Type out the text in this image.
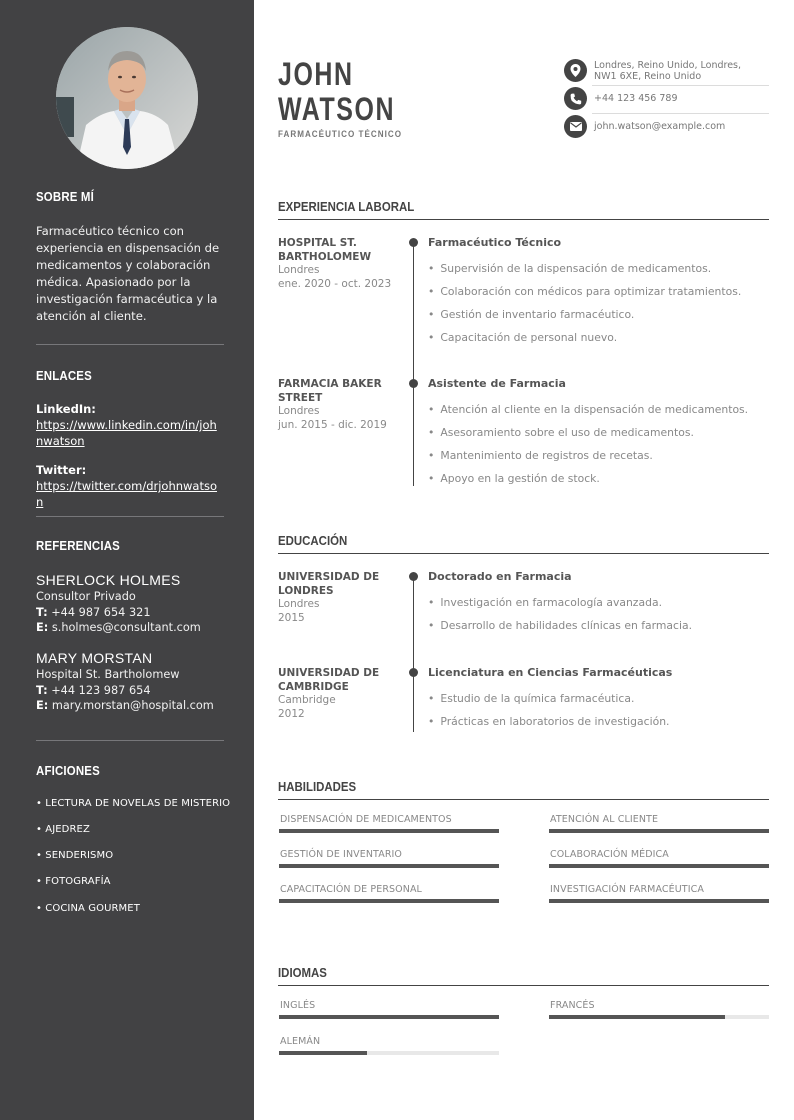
SOBRE MÍ
Farmacéutico técnico con experiencia en dispensación de medicamentos y colaboración médica. Apasionado por la investigación farmacéutica y la atención al cliente.
ENLACES
LinkedIn:
https://www.linkedin.com/in/johnwatson
Twitter:
https://twitter.com/drjohnwatson
REFERENCIAS
SHERLOCK HOLMES
Consultor Privado
T: +44 987 654 321
E: s.holmes@consultant.com
MARY MORSTAN
Hospital St. Bartholomew
T: +44 123 987 654
E: mary.morstan@hospital.com
AFICIONES
• LECTURA DE NOVELAS DE MISTERIO
• AJEDREZ
• SENDERISMO
• FOTOGRAFÍA
• COCINA GOURMET
JOHN
WATSON
FARMACÉUTICO TÉCNICO
Londres, Reino Unido, Londres, NW1 6XE, Reino Unido
+44 123 456 789
john.watson@example.com
EXPERIENCIA LABORAL
HOSPITAL ST. BARTHOLOMEW
Londres
ene. 2020 - oct. 2023
Farmacéutico Técnico
• Supervisión de la dispensación de medicamentos.
• Colaboración con médicos para optimizar tratamientos.
• Gestión de inventario farmacéutico.
• Capacitación de personal nuevo.
FARMACIA BAKER STREET
Londres
jun. 2015 - dic. 2019
Asistente de Farmacia
• Atención al cliente en la dispensación de medicamentos.
• Asesoramiento sobre el uso de medicamentos.
• Mantenimiento de registros de recetas.
• Apoyo en la gestión de stock.
EDUCACIÓN
UNIVERSIDAD DE LONDRES
Londres
2015
Doctorado en Farmacia
• Investigación en farmacología avanzada.
• Desarrollo de habilidades clínicas en farmacia.
UNIVERSIDAD DE CAMBRIDGE
Cambridge
2012
Licenciatura en Ciencias Farmacéuticas
• Estudio de la química farmacéutica.
• Prácticas en laboratorios de investigación.
HABILIDADES
DISPENSACIÓN DE MEDICAMENTOS	ATENCIÓN AL CLIENTE
GESTIÓN DE INVENTARIO	COLABORACIÓN MÉDICA
CAPACITACIÓN DE PERSONAL	INVESTIGACIÓN FARMACÉUTICA
IDIOMAS
INGLÉS	FRANCÉS
ALEMÁN
